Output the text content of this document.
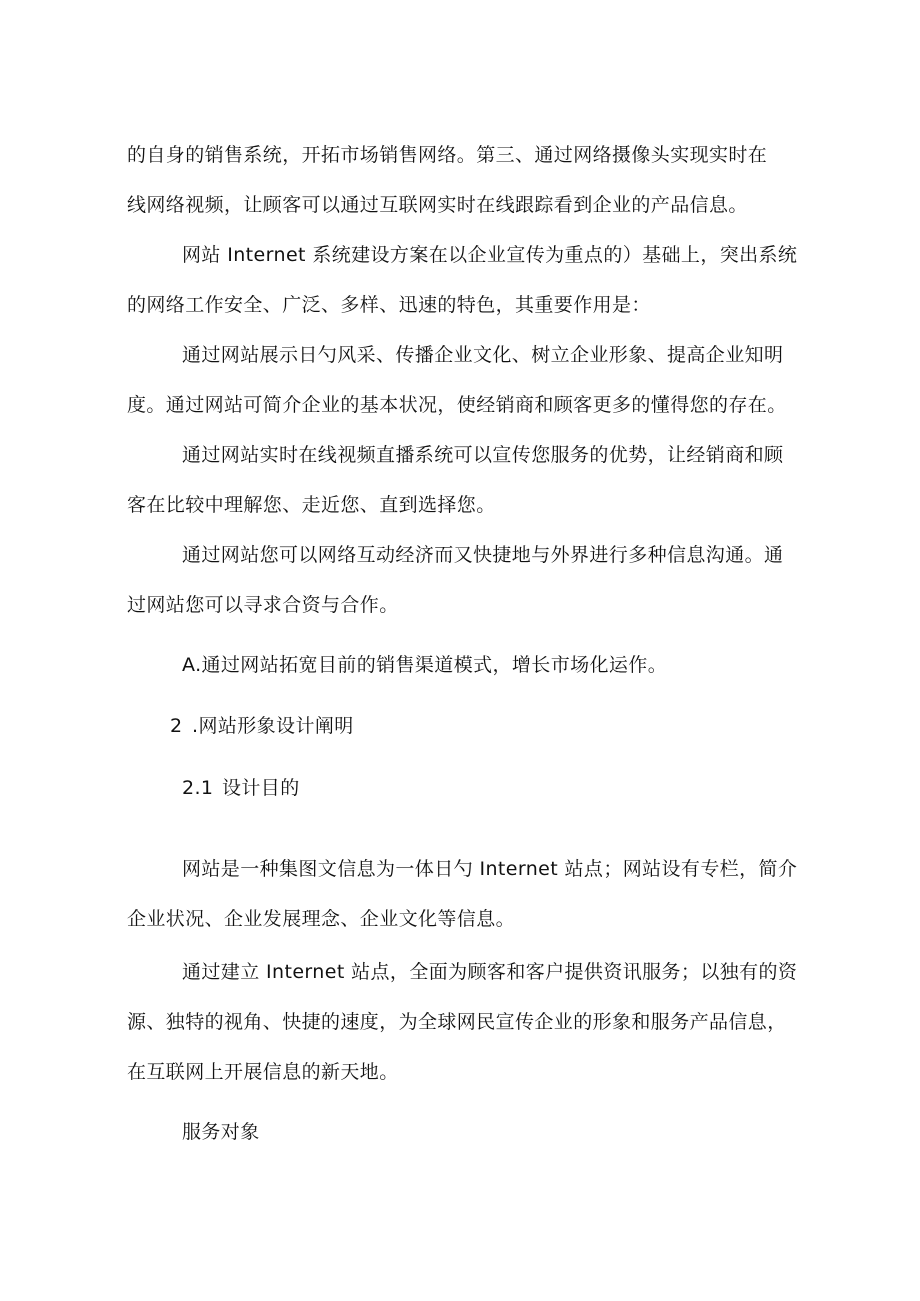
的自身的销售系统，开拓市场销售网络。第三、通过网络摄像头实现实时在
线网络视频，让顾客可以通过互联网实时在线跟踪看到企业的产品信息。
网站 Internet 系统建设方案在以企业宣传为重点的）基础上，突出系统
的网络工作安全、广泛、多样、迅速的特色，其重要作用是：
通过网站展示日勺风采、传播企业文化、树立企业形象、提高企业知明
度。通过网站可简介企业的基本状况，使经销商和顾客更多的懂得您的存在。
通过网站实时在线视频直播系统可以宣传您服务的优势，让经销商和顾
客在比较中理解您、走近您、直到选择您。
通过网站您可以网络互动经济而又快捷地与外界进行多种信息沟通。通
过网站您可以寻求合资与合作。
A.通过网站拓宽目前的销售渠道模式，增长市场化运作。
2 .网站形象设计阐明
2.1 设计目的
网站是一种集图文信息为一体日勺 Internet 站点；网站设有专栏，简介
企业状况、企业发展理念、企业文化等信息。
通过建立 Internet 站点，全面为顾客和客户提供资讯服务；以独有的资
源、独特的视角、快捷的速度，为全球网民宣传企业的形象和服务产品信息，
在互联网上开展信息的新天地。
服务对象
